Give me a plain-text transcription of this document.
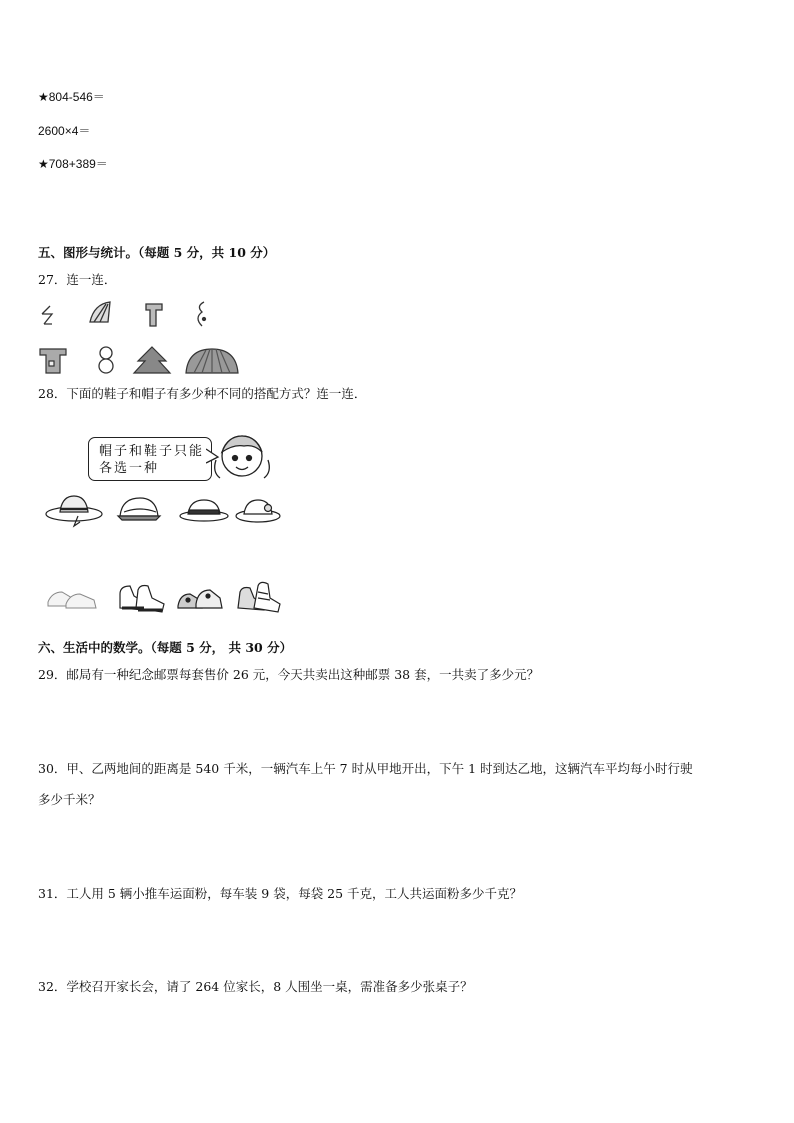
★804-546＝
2600×4＝
★708+389＝
五、图形与统计。（每题 5 分，共 10 分）
27．连一连．
28．下面的鞋子和帽子有多少种不同的搭配方式？连一连．
帽子和鞋子只能
各选一种
六、生活中的数学。（每题 5 分， 共 30 分）
29．邮局有一种纪念邮票每套售价 26 元，今天共卖出这种邮票 38 套，一共卖了多少元？
30．甲、乙两地间的距离是 540 千米，一辆汽车上午 7 时从甲地开出，下午 1 时到达乙地，这辆汽车平均每小时行驶
多少千米？
31．工人用 5 辆小推车运面粉，每车装 9 袋，每袋 25 千克，工人共运面粉多少千克？
32．学校召开家长会，请了 264 位家长，8 人围坐一桌，需准备多少张桌子？
